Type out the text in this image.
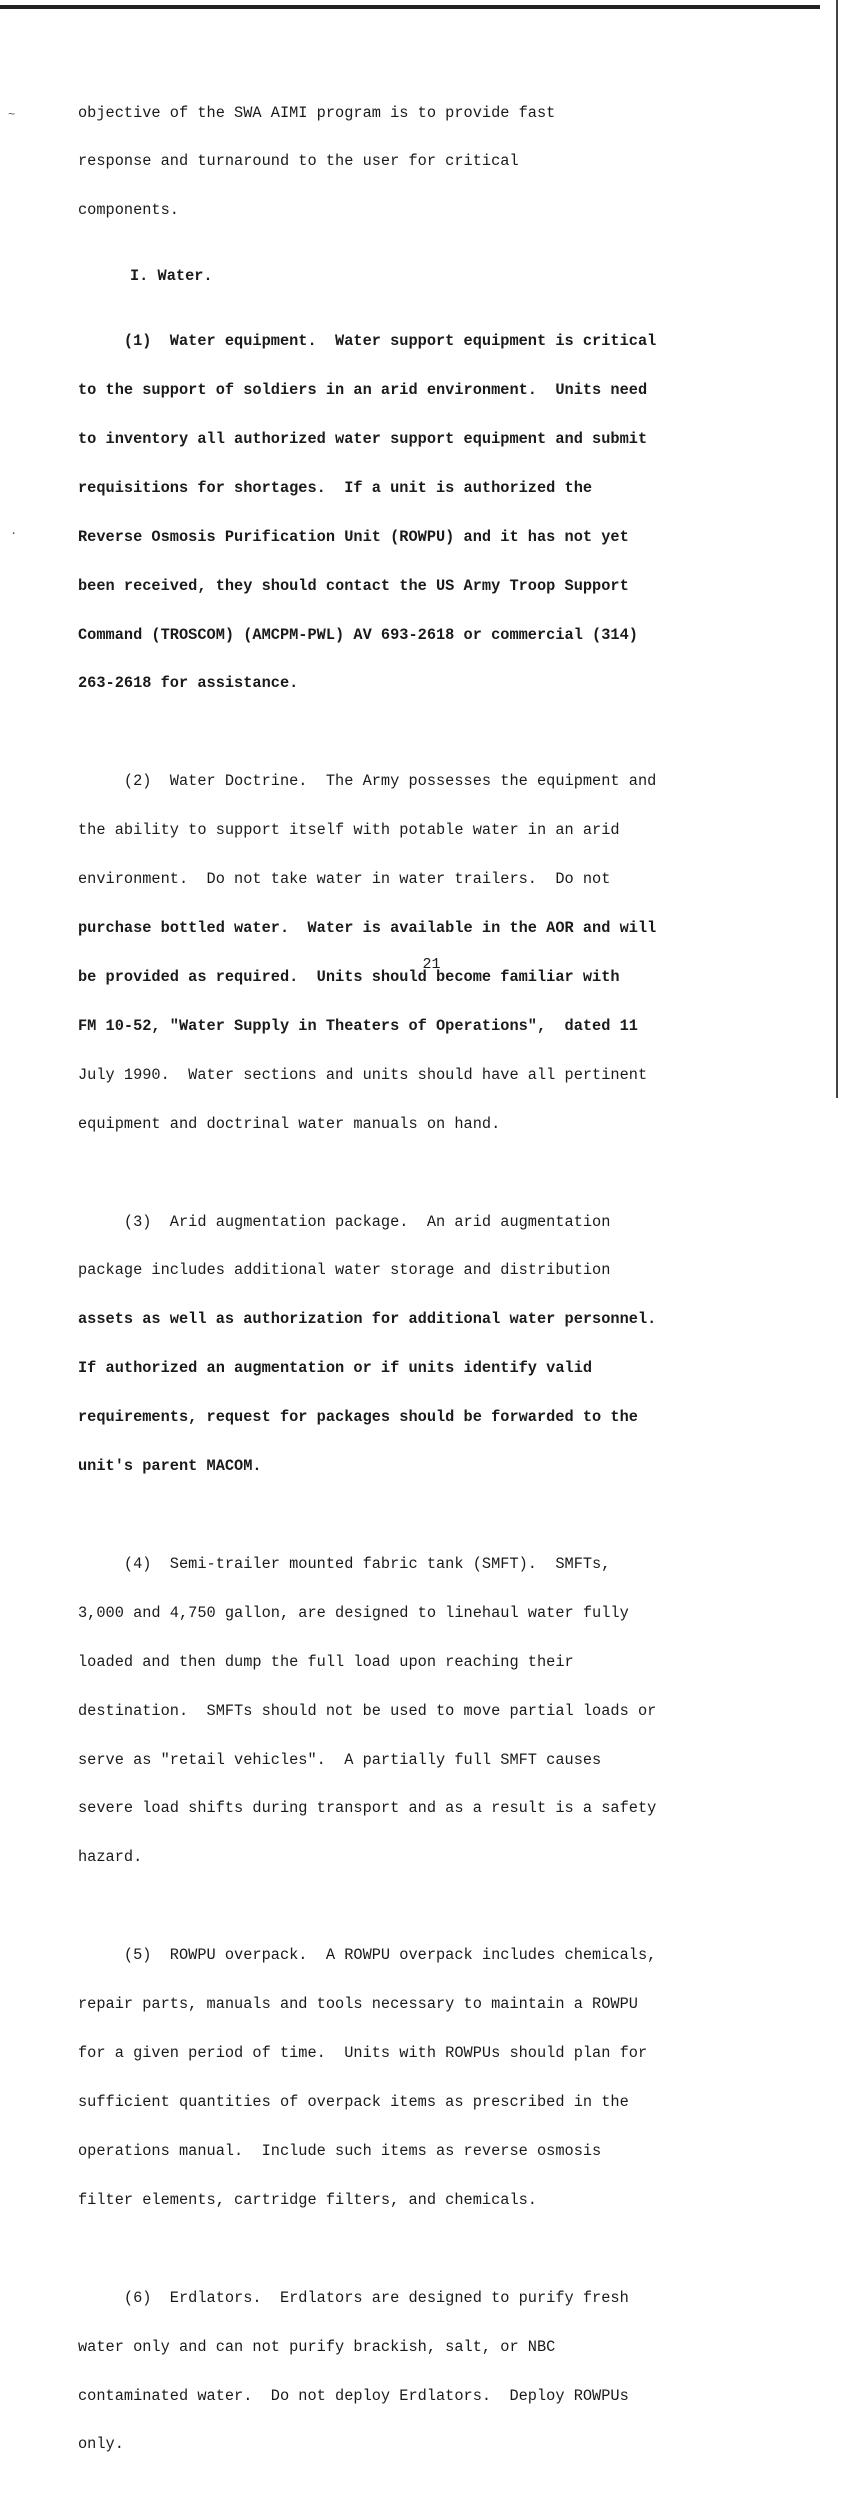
~
.

objective of the SWA AIMI program is to provide fast

response and turnaround to the user for critical

components.

I. Water.

(1)  Water equipment.  Water support equipment is critical

to the support of soldiers in an arid environment.  Units need

to inventory all authorized water support equipment and submit

requisitions for shortages.  If a unit is authorized the

Reverse Osmosis Purification Unit (ROWPU) and it has not yet

been received, they should contact the US Army Troop Support

Command (TROSCOM) (AMCPM-PWL) AV 693-2618 or commercial (314)

263-2618 for assistance.

(2)  Water Doctrine.  The Army possesses the equipment and

the ability to support itself with potable water in an arid

environment.  Do not take water in water trailers.  Do not

purchase bottled water.  Water is available in the AOR and will

be provided as required.  Units should become familiar with

FM 10-52, "Water Supply in Theaters of Operations",  dated 11

July 1990.  Water sections and units should have all pertinent

equipment and doctrinal water manuals on hand.

(3)  Arid augmentation package.  An arid augmentation

package includes additional water storage and distribution

assets as well as authorization for additional water personnel.

If authorized an augmentation or if units identify valid

requirements, request for packages should be forwarded to the

unit's parent MACOM.

(4)  Semi-trailer mounted fabric tank (SMFT).  SMFTs,

3,000 and 4,750 gallon, are designed to linehaul water fully

loaded and then dump the full load upon reaching their

destination.  SMFTs should not be used to move partial loads or

serve as "retail vehicles".  A partially full SMFT causes

severe load shifts during transport and as a result is a safety

hazard.

(5)  ROWPU overpack.  A ROWPU overpack includes chemicals,

repair parts, manuals and tools necessary to maintain a ROWPU

for a given period of time.  Units with ROWPUs should plan for

sufficient quantities of overpack items as prescribed in the

operations manual.  Include such items as reverse osmosis

filter elements, cartridge filters, and chemicals.

(6)  Erdlators.  Erdlators are designed to purify fresh

water only and can not purify brackish, salt, or NBC

contaminated water.  Do not deploy Erdlators.  Deploy ROWPUs

only.

21
